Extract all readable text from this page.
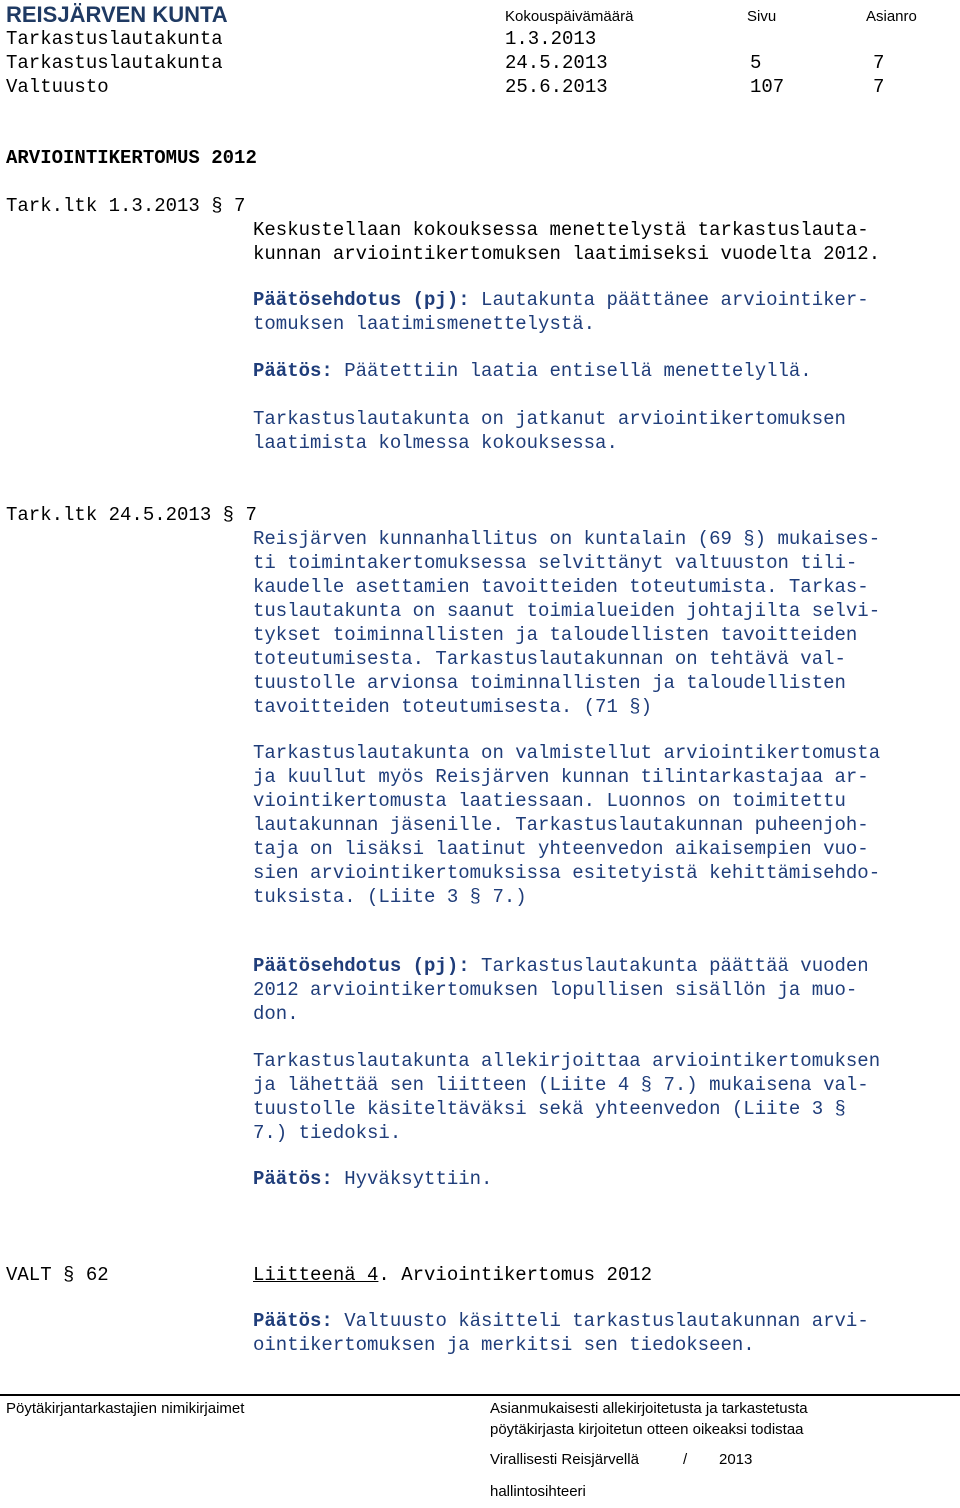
REISJÄRVEN KUNTA	Kokouspäivämäärä	Sivu	Asianro
Tarkastuslautakunta	1.3.2013
Tarkastuslautakunta	24.5.2013	5	7
Valtuusto	25.6.2013	107	7
ARVIOINTIKERTOMUS 2012
Tark.ltk 1.3.2013 § 7
Keskustellaan kokouksessa menettelystä tarkastuslauta-
kunnan arviointikertomuksen laatimiseksi vuodelta 2012.
Päätösehdotus (pj): Lautakunta päättänee arviointiker-
tomuksen laatimismenettelystä.
Päätös: Päätettiin laatia entisellä menettelyllä.
Tarkastuslautakunta on jatkanut arviointikertomuksen
laatimista kolmessa kokouksessa.
Tark.ltk 24.5.2013 § 7
Reisjärven kunnanhallitus on kuntalain (69 §) mukaises-
ti toimintakertomuksessa selvittänyt valtuuston tili-
kaudelle asettamien tavoitteiden toteutumista. Tarkas-
tuslautakunta on saanut toimialueiden johtajilta selvi-
tykset toiminnallisten ja taloudellisten tavoitteiden
toteutumisesta. Tarkastuslautakunnan on tehtävä val-
tuustolle arvionsa toiminnallisten ja taloudellisten
tavoitteiden toteutumisesta. (71 §)
Tarkastuslautakunta on valmistellut arviointikertomusta
ja kuullut myös Reisjärven kunnan tilintarkastajaa ar-
viointikertomusta laatiessaan. Luonnos on toimitettu
lautakunnan jäsenille. Tarkastuslautakunnan puheenjoh-
taja on lisäksi laatinut yhteenvedon aikaisempien vuo-
sien arviointikertomuksissa esitetyistä kehittämisehdo-
tuksista. (Liite 3 § 7.)
Päätösehdotus (pj): Tarkastuslautakunta päättää vuoden
2012 arviointikertomuksen lopullisen sisällön ja muo-
don.
Tarkastuslautakunta allekirjoittaa arviointikertomuksen
ja lähettää sen liitteen (Liite 4 § 7.) mukaisena val-
tuustolle käsiteltäväksi sekä yhteenvedon (Liite 3 §
7.) tiedoksi.
Päätös: Hyväksyttiin.
VALT § 62	Liitteenä 4. Arviointikertomus 2012
Päätös: Valtuusto käsitteli tarkastuslautakunnan arvi-
ointikertomuksen ja merkitsi sen tiedokseen.
Pöytäkirjantarkastajien nimikirjaimet	Asianmukaisesti allekirjoitetusta ja tarkastetusta
pöytäkirjasta kirjoitetun otteen oikeaksi todistaa
Virallisesti Reisjärvellä	/ 2013
hallintosihteeri
